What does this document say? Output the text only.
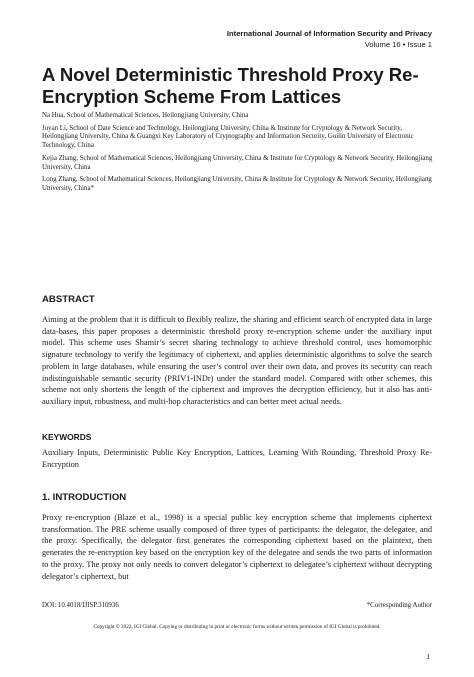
International Journal of Information Security and Privacy
Volume 16 • Issue 1
A Novel Deterministic Threshold Proxy Re-Encryption Scheme From Lattices

Na Hua, School of Mathematical Sciences, Heilongjiang University, China

Juyan Li, School of Date Science and Technology, Heilongjiang University, China & Institute for Cryptology & Network Security, Heilongjiang University, China & Guangxi Key Laboratory of Cryptography and Information Security, Guilin University of Electronic Technology, China

Kejia Zhang, School of Mathematical Sciences, Heilongjiang University, China & Institute for Cryptology & Network Security, Heilongjiang University, China

Long Zhang, School of Mathematical Sciences, Heilongjiang University, China & Institute for Cryptology & Network Security, Heilongjiang University, China*

ABSTRACT

Aiming at the problem that it is difficult to flexibly realize, the sharing and efficient search of encrypted data in large data-bases, this paper proposes a deterministic threshold proxy re-encryption scheme under the auxiliary input model. This scheme uses Shamir’s secret sharing technology to achieve threshold control, uses homomorphic signature technology to verify the legitimacy of ciphertext, and applies deterministic algorithms to solve the search problem in large databases, while ensuring the user’s control over their own data, and proves its security can reach indistinguishable semantic security (PRIV1-INDr) under the standard model. Compared with other schemes, this scheme not only shortens the length of the ciphertext and improves the decryption efficiency, but it also has anti-auxiliary input, robustness, and multi-hop characteristics and can better meet actual needs.

KEYWORDS

Auxiliary Inputs, Deterministic Public Key Encryption, Lattices, Learning With Rounding, Threshold Proxy Re-Encryption

1. INTRODUCTION

Proxy re-encryption (Blaze et al., 1998) is a special public key encryption scheme that implements ciphertext transformation. The PRE scheme usually composed of three types of participants: the delegator, the delegatee, and the proxy. Specifically, the delegator first generates the corresponding ciphertext based on the plaintext, then generates the re-encryption key based on the encryption key of the delegatee and sends the two parts of information to the proxy. The proxy not only needs to convert delegator’s ciphertext to delegatee’s ciphertext without decrypting delegator’s ciphertext, but

DOI: 10.4018/IJISP.310936	*Corresponding Author
Copyright © 2022, IGI Global. Copying or distributing in print or electronic forms without written permission of IGI Global is prohibited.
1
